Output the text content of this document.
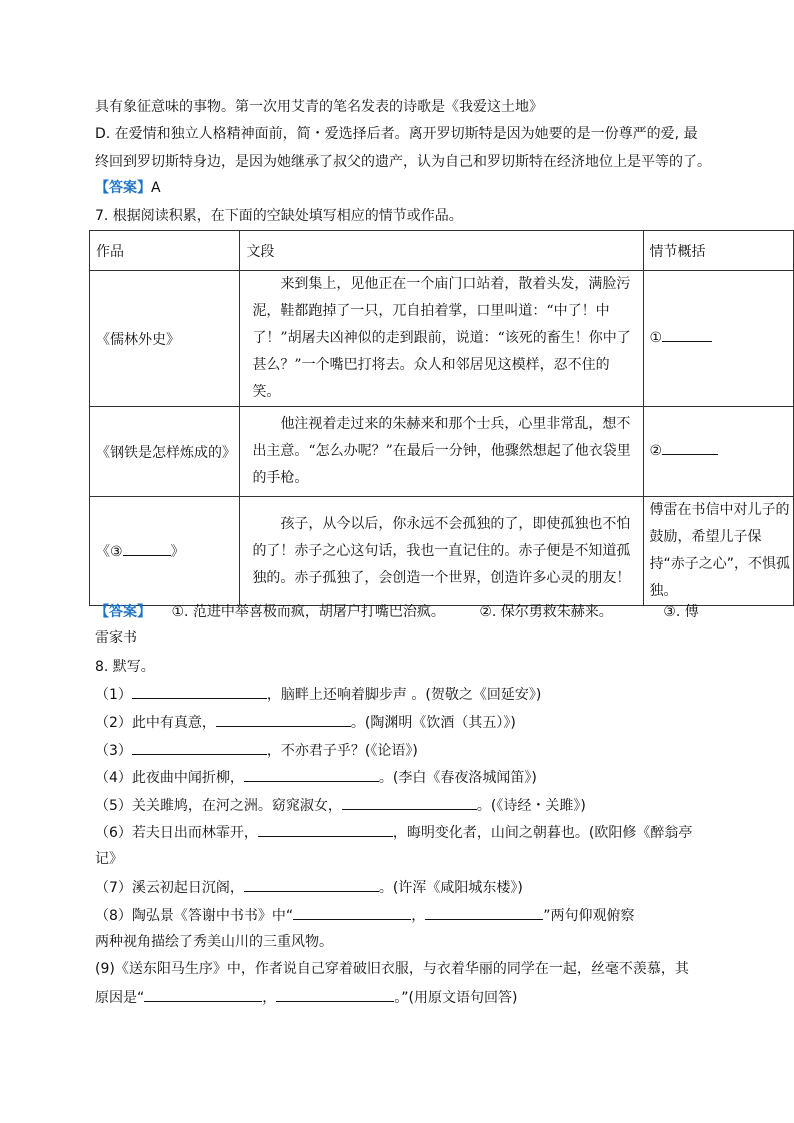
具有象征意味的事物。第一次用艾青的笔名发表的诗歌是《我爱这土地》
D. 在爱情和独立人格精神面前，简・爱选择后者。离开罗切斯特是因为她要的是一份尊严的爱, 最
终回到罗切斯特身边，是因为她继承了叔父的遗产，认为自己和罗切斯特在经济地位上是平等的了。
【答案】A
7. 根据阅读积累，在下面的空缺处填写相应的情节或作品。
作品	文段	情节概括
《儒林外史》	来到集上，见他正在一个庙门口站着，散着头发，满脸污泥，鞋都跑掉了一只，兀自拍着掌，口里叫道：“中了！中了！”胡屠夫凶神似的走到跟前，说道：“该死的畜生！你中了甚么？”一个嘴巴打将去。众人和邻居见这模样，忍不住的笑。	①
《钢铁是怎样炼成的》	他注视着走过来的朱赫来和那个士兵，心里非常乱，想不出主意。“怎么办呢？”在最后一分钟，他骤然想起了他衣袋里的手枪。	②
《③ 》	孩子，从今以后，你永远不会孤独的了，即使孤独也不怕的了！赤子之心这句话，我也一直记住的。赤子便是不知道孤独的。赤子孤独了，会创造一个世界，创造许多心灵的朋友！	傅雷在书信中对儿子的鼓励，希望儿子保持“赤子之心”，不惧孤独。
【答案】 ①. 范进中举喜极而疯，胡屠户打嘴巴治疯。 ②. 保尔勇救朱赫来。	③. 傅
雷家书
8. 默写。
（1）	，脑畔上还响着脚步声 。(贺敬之《回延安》)
（2）此中有真意，	。(陶渊明《饮酒（其五）》)
（3）	，不亦君子乎？(《论语》)
（4）此夜曲中闻折柳，	。(李白《春夜洛城闻笛》)
（5）关关雎鸠，在河之洲。窈窕淑女，	。(《诗经・关雎》)
（6）若夫日出而林霏开，	，晦明变化者，山间之朝暮也。(欧阳修《醉翁亭
记》
（7）溪云初起日沉阁，	。(许浑《咸阳城东楼》)
（8）陶弘景《答谢中书书》中“	，	”两句仰观俯察
两种视角描绘了秀美山川的三重风物。
(9)《送东阳马生序》中，作者说自己穿着破旧衣服，与衣着华丽的同学在一起，丝毫不羡慕，其
原因是“	，	。”(用原文语句回答)
